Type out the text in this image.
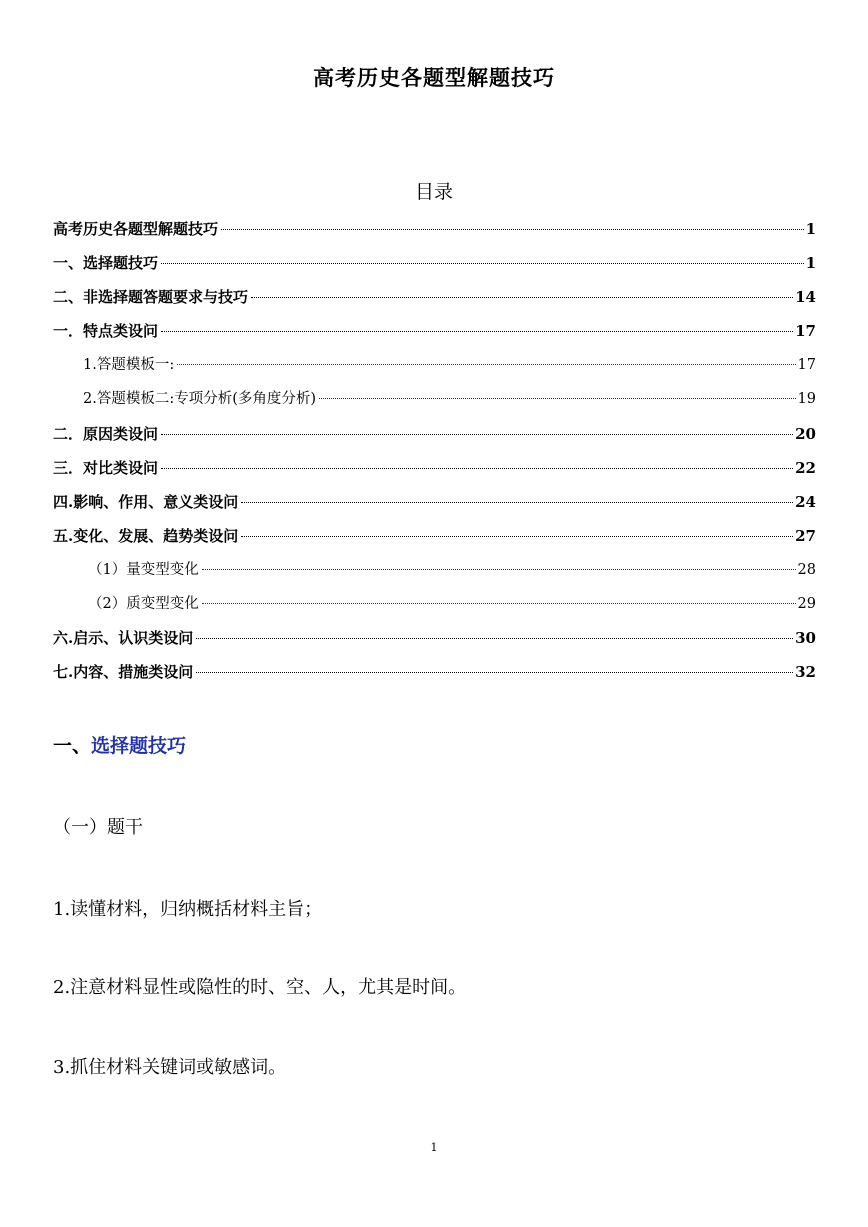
高考历史各题型解题技巧
目录
高考历史各题型解题技巧	1
一、选择题技巧	1
二、非选择题答题要求与技巧	14
一．特点类设问	17
1.答题模板一:	17
2.答题模板二:专项分析(多角度分析)	19
二．原因类设问	20
三．对比类设问	22
四.影响、作用、意义类设问	24
五.变化、发展、趋势类设问	27
（1）量变型变化	28
（2）质变型变化	29
六.启示、认识类设问	30
七.内容、措施类设问	32
一、选择题技巧
（一）题干
1.读懂材料，归纳概括材料主旨；
2.注意材料显性或隐性的时、空、人，尤其是时间。
3.抓住材料关键词或敏感词。
1
